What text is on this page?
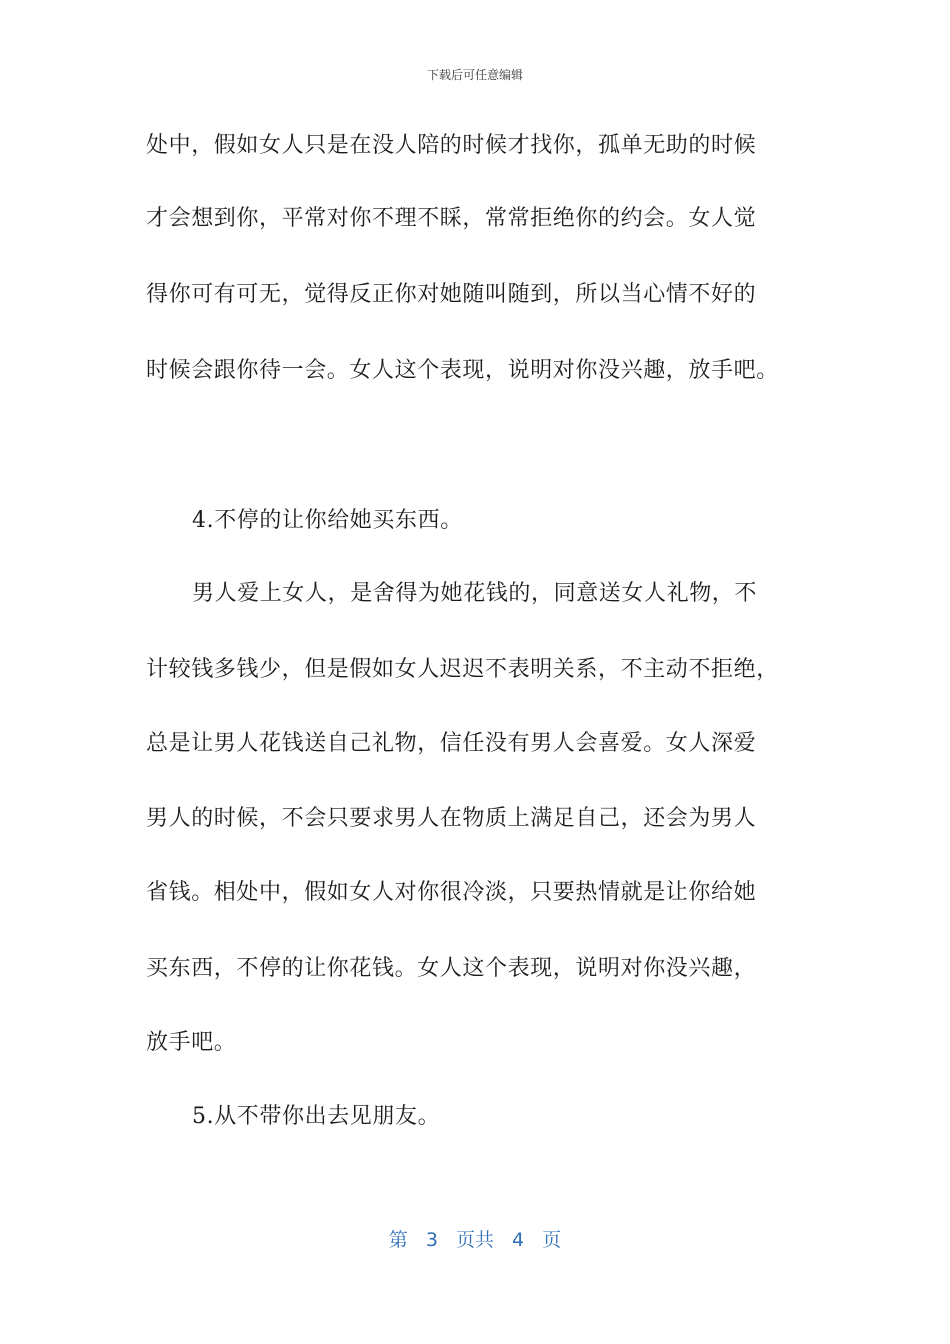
下载后可任意编辑
处中，假如女人只是在没人陪的时候才找你，孤单无助的时候
才会想到你，平常对你不理不睬，常常拒绝你的约会。女人觉
得你可有可无，觉得反正你对她随叫随到，所以当心情不好的
时候会跟你待一会。女人这个表现，说明对你没兴趣，放手吧。
4.不停的让你给她买东西。
男人爱上女人，是舍得为她花钱的，同意送女人礼物，不
计较钱多钱少，但是假如女人迟迟不表明关系，不主动不拒绝，
总是让男人花钱送自己礼物，信任没有男人会喜爱。女人深爱
男人的时候，不会只要求男人在物质上满足自己，还会为男人
省钱。相处中，假如女人对你很冷淡，只要热情就是让你给她
买东西，不停的让你花钱。女人这个表现，说明对你没兴趣，
放手吧。
5.从不带你出去见朋友。
第 3 页共 4 页
